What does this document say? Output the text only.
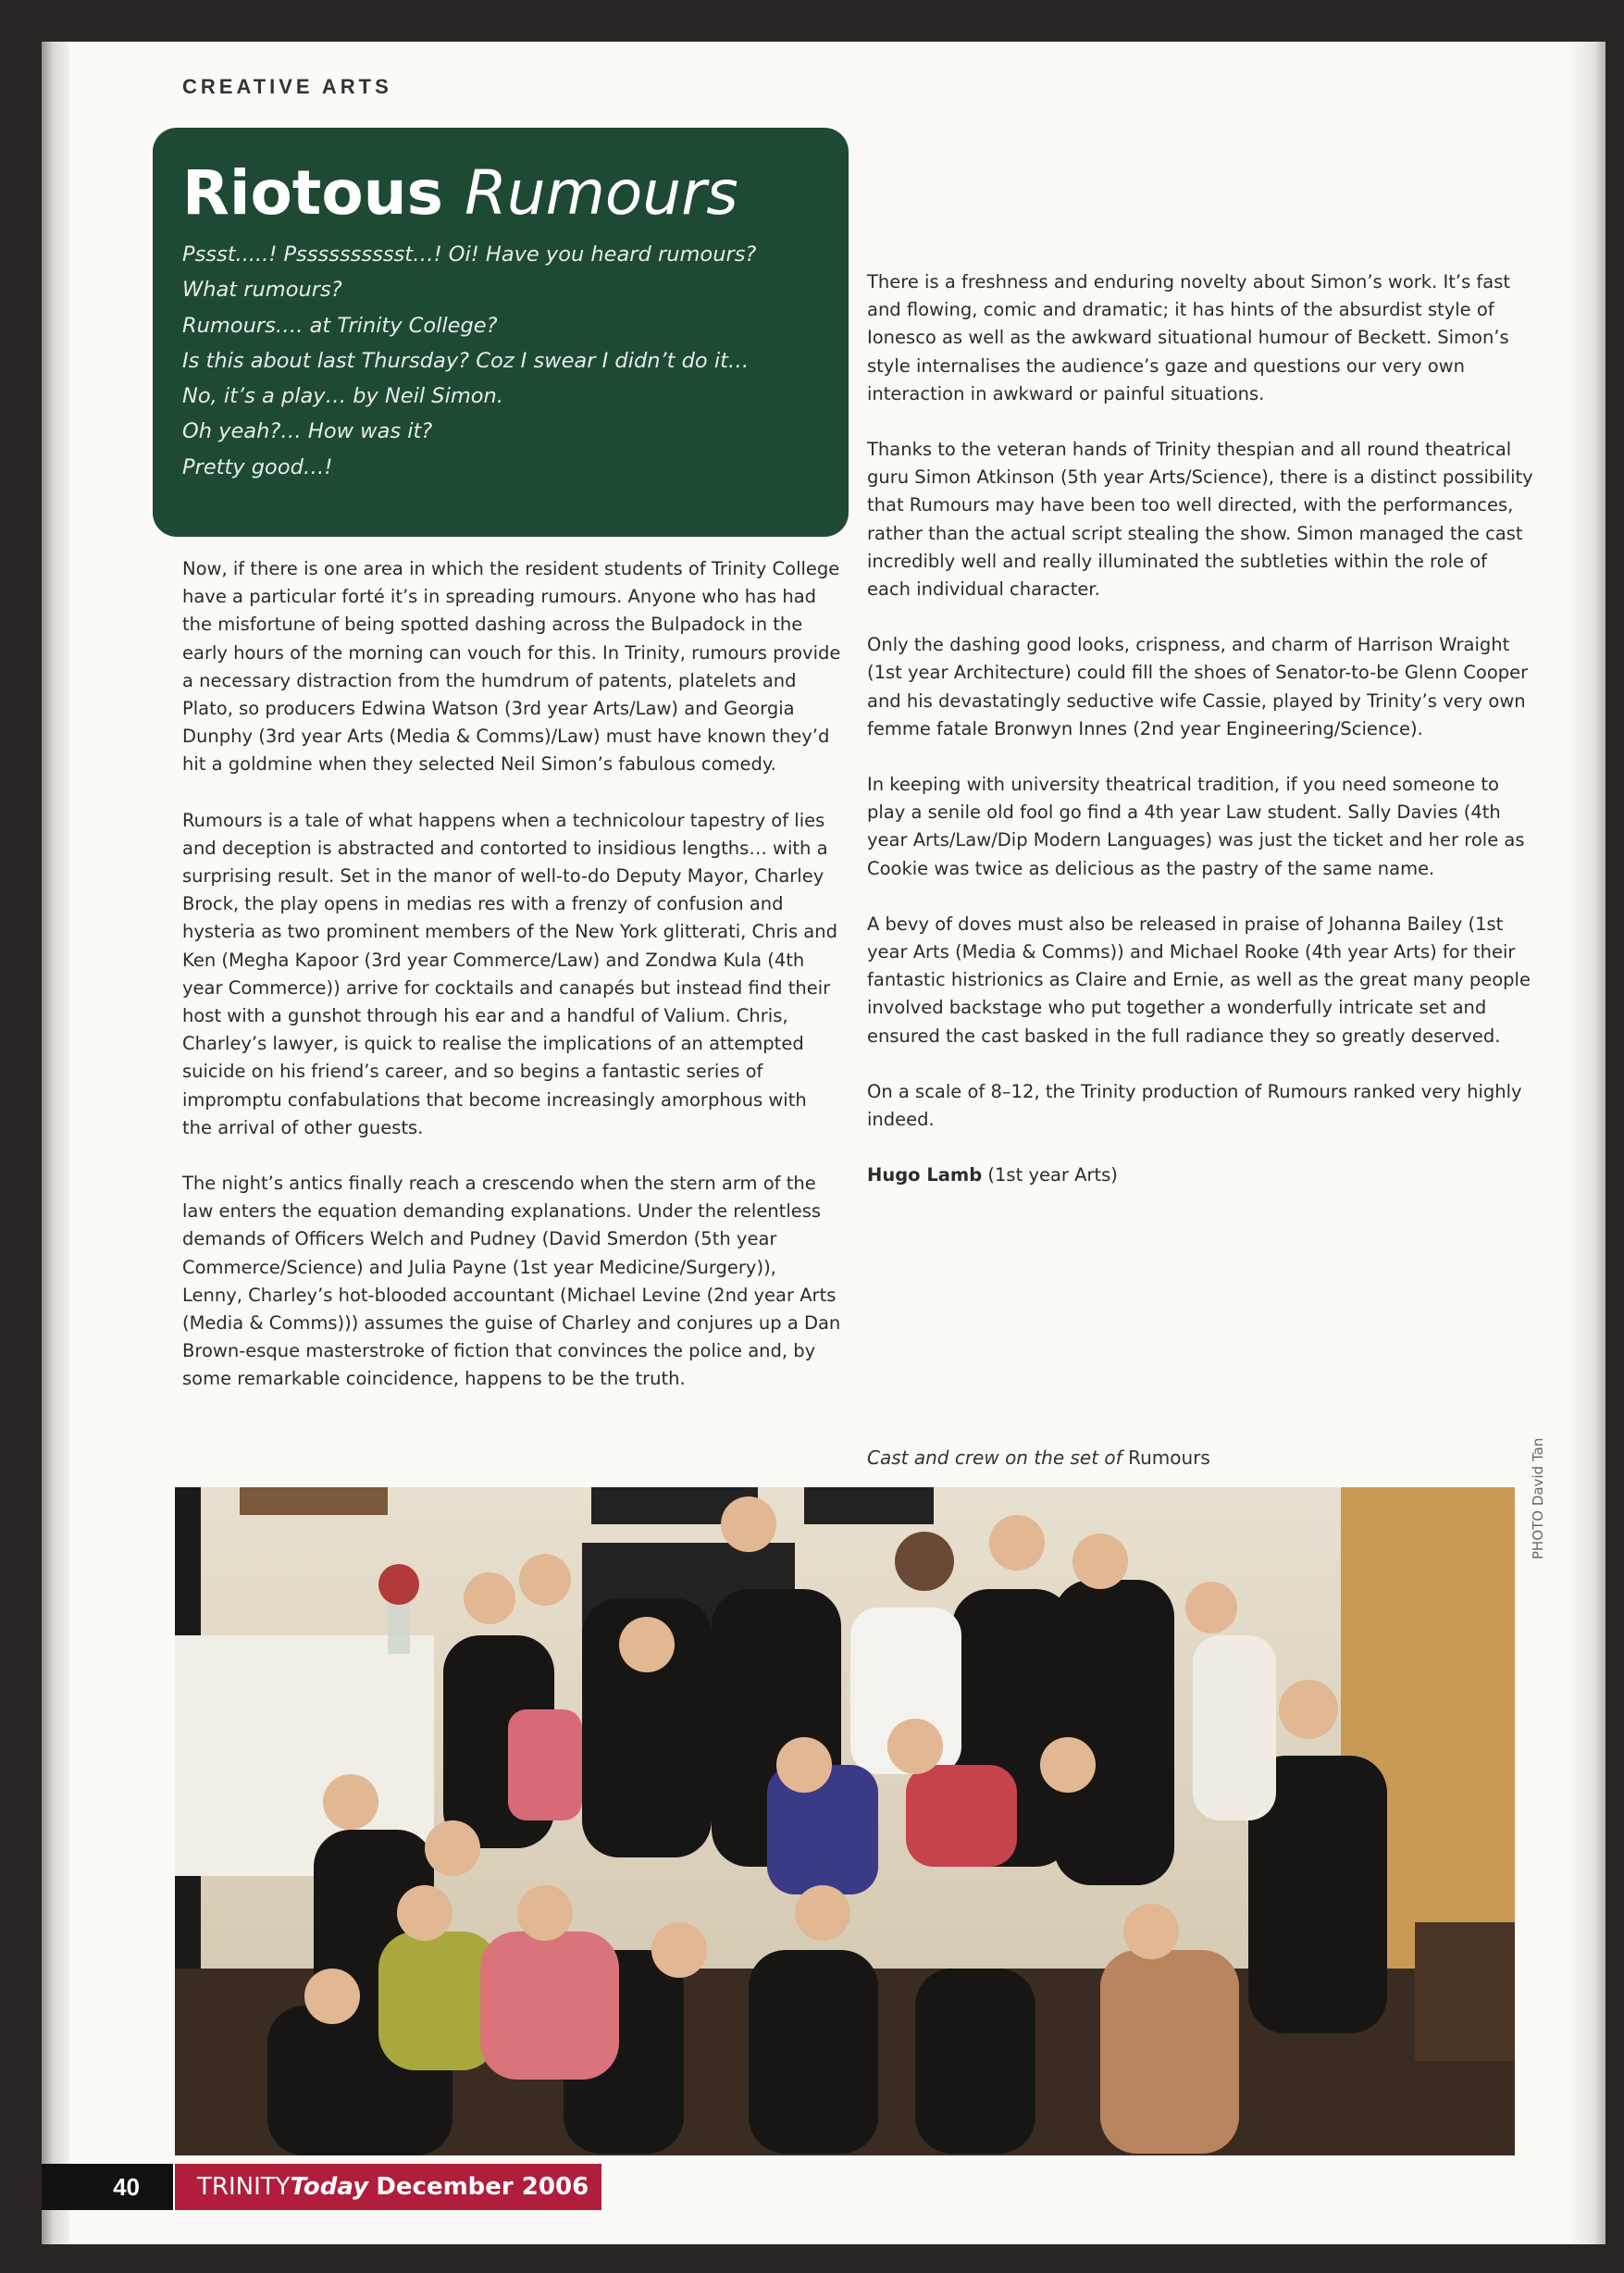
CREATIVE ARTS
Riotous Rumours
Pssst.....! Psssssssssst…! Oi! Have you heard rumours?
What rumours?
Rumours…. at Trinity College?
Is this about last Thursday? Coz I swear I didn’t do it…
No, it’s a play… by Neil Simon.
Oh yeah?… How was it?
Pretty good…!

Now, if there is one area in which the resident students of Trinity College have a particular forté it’s in spreading rumours. Anyone who has had the misfortune of being spotted dashing across the Bulpadock in the early hours of the morning can vouch for this. In Trinity, rumours provide a necessary distraction from the humdrum of patents, platelets and Plato, so producers Edwina Watson (3rd year Arts/Law) and Georgia Dunphy (3rd year Arts (Media & Comms)/Law) must have known they’d hit a goldmine when they selected Neil Simon’s fabulous comedy.

Rumours is a tale of what happens when a technicolour tapestry of lies and deception is abstracted and contorted to insidious lengths… with a surprising result. Set in the manor of well-to-do Deputy Mayor, Charley Brock, the play opens in medias res with a frenzy of confusion and hysteria as two prominent members of the New York glitterati, Chris and Ken (Megha Kapoor (3rd year Commerce/Law) and Zondwa Kula (4th year Commerce)) arrive for cocktails and canapés but instead find their host with a gunshot through his ear and a handful of Valium. Chris, Charley’s lawyer, is quick to realise the implications of an attempted suicide on his friend’s career, and so begins a fantastic series of impromptu confabulations that become increasingly amorphous with the arrival of other guests.

The night’s antics finally reach a crescendo when the stern arm of the law enters the equation demanding explanations. Under the relentless demands of Officers Welch and Pudney (David Smerdon (5th year Commerce/Science) and Julia Payne (1st year Medicine/Surgery)), Lenny, Charley’s hot-blooded accountant (Michael Levine (2nd year Arts (Media & Comms))) assumes the guise of Charley and conjures up a Dan Brown-esque masterstroke of fiction that convinces the police and, by some remarkable coincidence, happens to be the truth.

There is a freshness and enduring novelty about Simon’s work. It’s fast and flowing, comic and dramatic; it has hints of the absurdist style of Ionesco as well as the awkward situational humour of Beckett. Simon’s style internalises the audience’s gaze and questions our very own interaction in awkward or painful situations.

Thanks to the veteran hands of Trinity thespian and all round theatrical guru Simon Atkinson (5th year Arts/Science), there is a distinct possibility that Rumours may have been too well directed, with the performances, rather than the actual script stealing the show. Simon managed the cast incredibly well and really illuminated the subtleties within the role of each individual character.

Only the dashing good looks, crispness, and charm of Harrison Wraight (1st year Architecture) could fill the shoes of Senator-to-be Glenn Cooper and his devastatingly seductive wife Cassie, played by Trinity’s very own femme fatale Bronwyn Innes (2nd year Engineering/Science).

In keeping with university theatrical tradition, if you need someone to play a senile old fool go find a 4th year Law student. Sally Davies (4th year Arts/Law/Dip Modern Languages) was just the ticket and her role as Cookie was twice as delicious as the pastry of the same name.

A bevy of doves must also be released in praise of Johanna Bailey (1st year Arts (Media & Comms)) and Michael Rooke (4th year Arts) for their fantastic histrionics as Claire and Ernie, as well as the great many people involved backstage who put together a wonderfully intricate set and ensured the cast basked in the full radiance they so greatly deserved.

On a scale of 8–12, the Trinity production of Rumours ranked very highly indeed.

Hugo Lamb (1st year Arts)

Cast and crew on the set of Rumours	PHOTO David Tan
40	TRINITYToday December 2006
